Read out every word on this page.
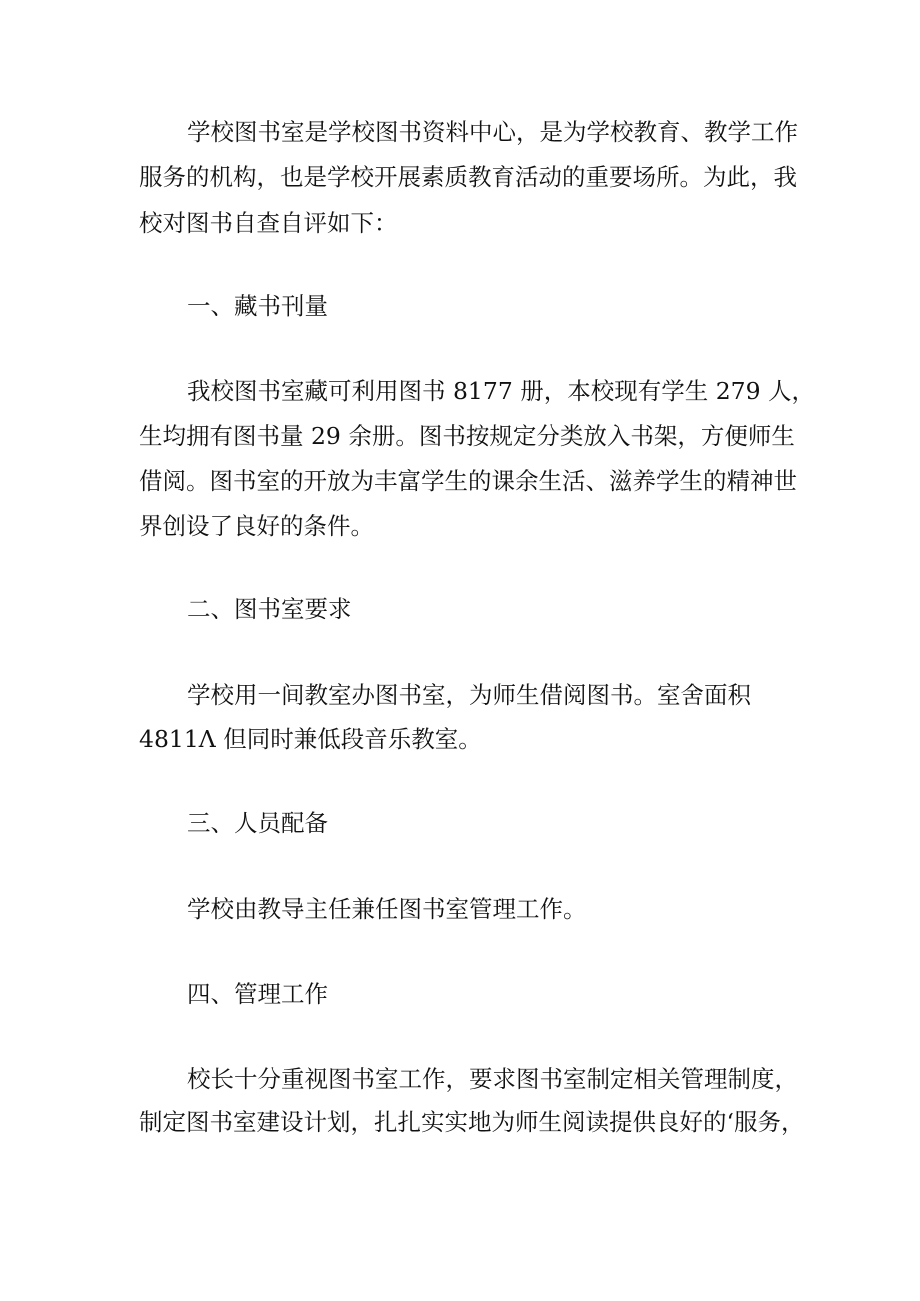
学校图书室是学校图书资料中心，是为学校教育、教学工作
服务的机构，也是学校开展素质教育活动的重要场所。为此，我
校对图书自查自评如下：
一、藏书刊量
我校图书室藏可利用图书 8177 册，本校现有学生 279 人，
生均拥有图书量 29 余册。图书按规定分类放入书架，方便师生
借阅。图书室的开放为丰富学生的课余生活、滋养学生的精神世
界创设了良好的条件。
二、图书室要求
学校用一间教室办图书室，为师生借阅图书。室舍面积
4811Λ 但同时兼低段音乐教室。
三、人员配备
学校由教导主任兼任图书室管理工作。
四、管理工作
校长十分重视图书室工作，要求图书室制定相关管理制度，
制定图书室建设计划，扎扎实实地为师生阅读提供良好的‘服务，
